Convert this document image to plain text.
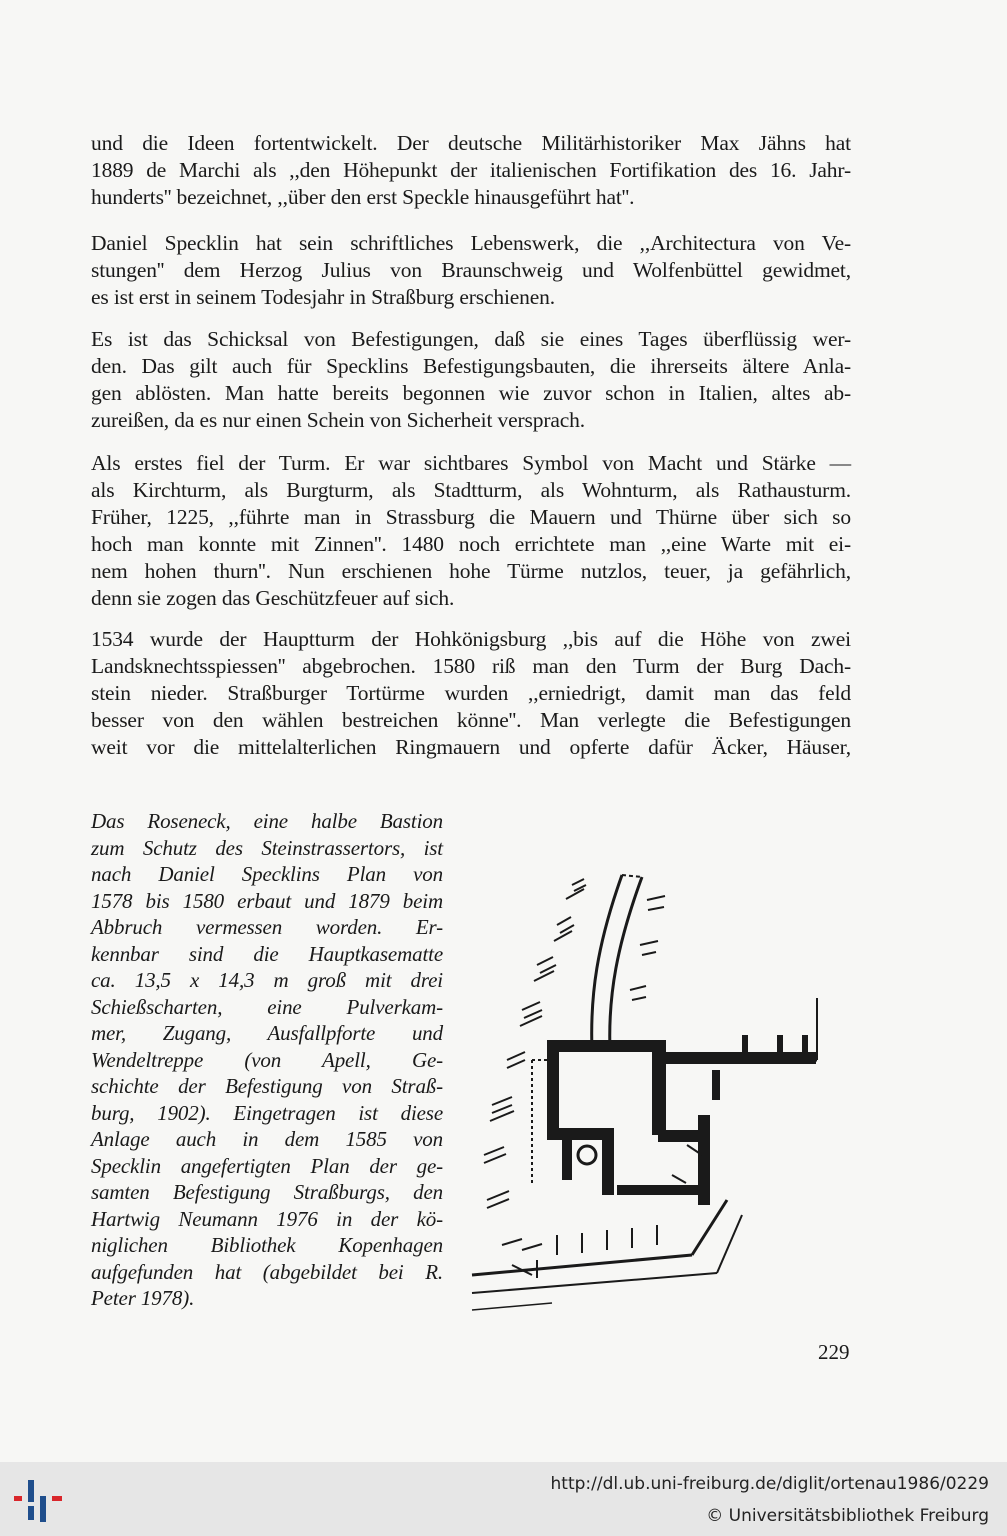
und die Ideen fortentwickelt. Der deutsche Militärhistoriker Max Jähns hat
1889 de Marchi als ,,den Höhepunkt der italienischen Fortifikation des 16. Jahr-
hunderts'' bezeichnet, ,,über den erst Speckle hinausgeführt hat''.
Daniel Specklin hat sein schriftliches Lebenswerk, die ,,Architectura von Ve-
stungen'' dem Herzog Julius von Braunschweig und Wolfenbüttel gewidmet,
es ist erst in seinem Todesjahr in Straßburg erschienen.
Es ist das Schicksal von Befestigungen, daß sie eines Tages überflüssig wer-
den. Das gilt auch für Specklins Befestigungsbauten, die ihrerseits ältere Anla-
gen ablösten. Man hatte bereits begonnen wie zuvor schon in Italien, altes ab-
zureißen, da es nur einen Schein von Sicherheit versprach.
Als erstes fiel der Turm. Er war sichtbares Symbol von Macht und Stärke —
als Kirchturm, als Burgturm, als Stadtturm, als Wohnturm, als Rathausturm.
Früher, 1225, ,,führte man in Strassburg die Mauern und Thürne über sich so
hoch man konnte mit Zinnen''. 1480 noch errichtete man ,,eine Warte mit ei-
nem hohen thurn''. Nun erschienen hohe Türme nutzlos, teuer, ja gefährlich,
denn sie zogen das Geschützfeuer auf sich.
1534 wurde der Hauptturm der Hohkönigsburg ,,bis auf die Höhe von zwei
Landsknechtsspiessen'' abgebrochen. 1580 riß man den Turm der Burg Dach-
stein nieder. Straßburger Tortürme wurden ,,erniedrigt, damit man das feld
besser von den wählen bestreichen könne''. Man verlegte die Befestigungen
weit vor die mittelalterlichen Ringmauern und opferte dafür Äcker, Häuser,
Das Roseneck, eine halbe Bastion
zum Schutz des Steinstrassertors, ist
nach Daniel Specklins Plan von
1578 bis 1580 erbaut und 1879 beim
Abbruch vermessen worden. Er-
kennbar sind die Hauptkasematte
ca. 13,5 x 14,3 m groß mit drei
Schießscharten, eine Pulverkam-
mer, Zugang, Ausfallpforte und
Wendeltreppe (von Apell, Ge-
schichte der Befestigung von Straß-
burg, 1902). Eingetragen ist diese
Anlage auch in dem 1585 von
Specklin angefertigten Plan der ge-
samten Befestigung Straßburgs, den
Hartwig Neumann 1976 in der kö-
niglichen Bibliothek Kopenhagen
aufgefunden hat (abgebildet bei R.
Peter 1978).
229
http://dl.ub.uni-freiburg.de/diglit/ortenau1986/0229
© Universitätsbibliothek Freiburg
